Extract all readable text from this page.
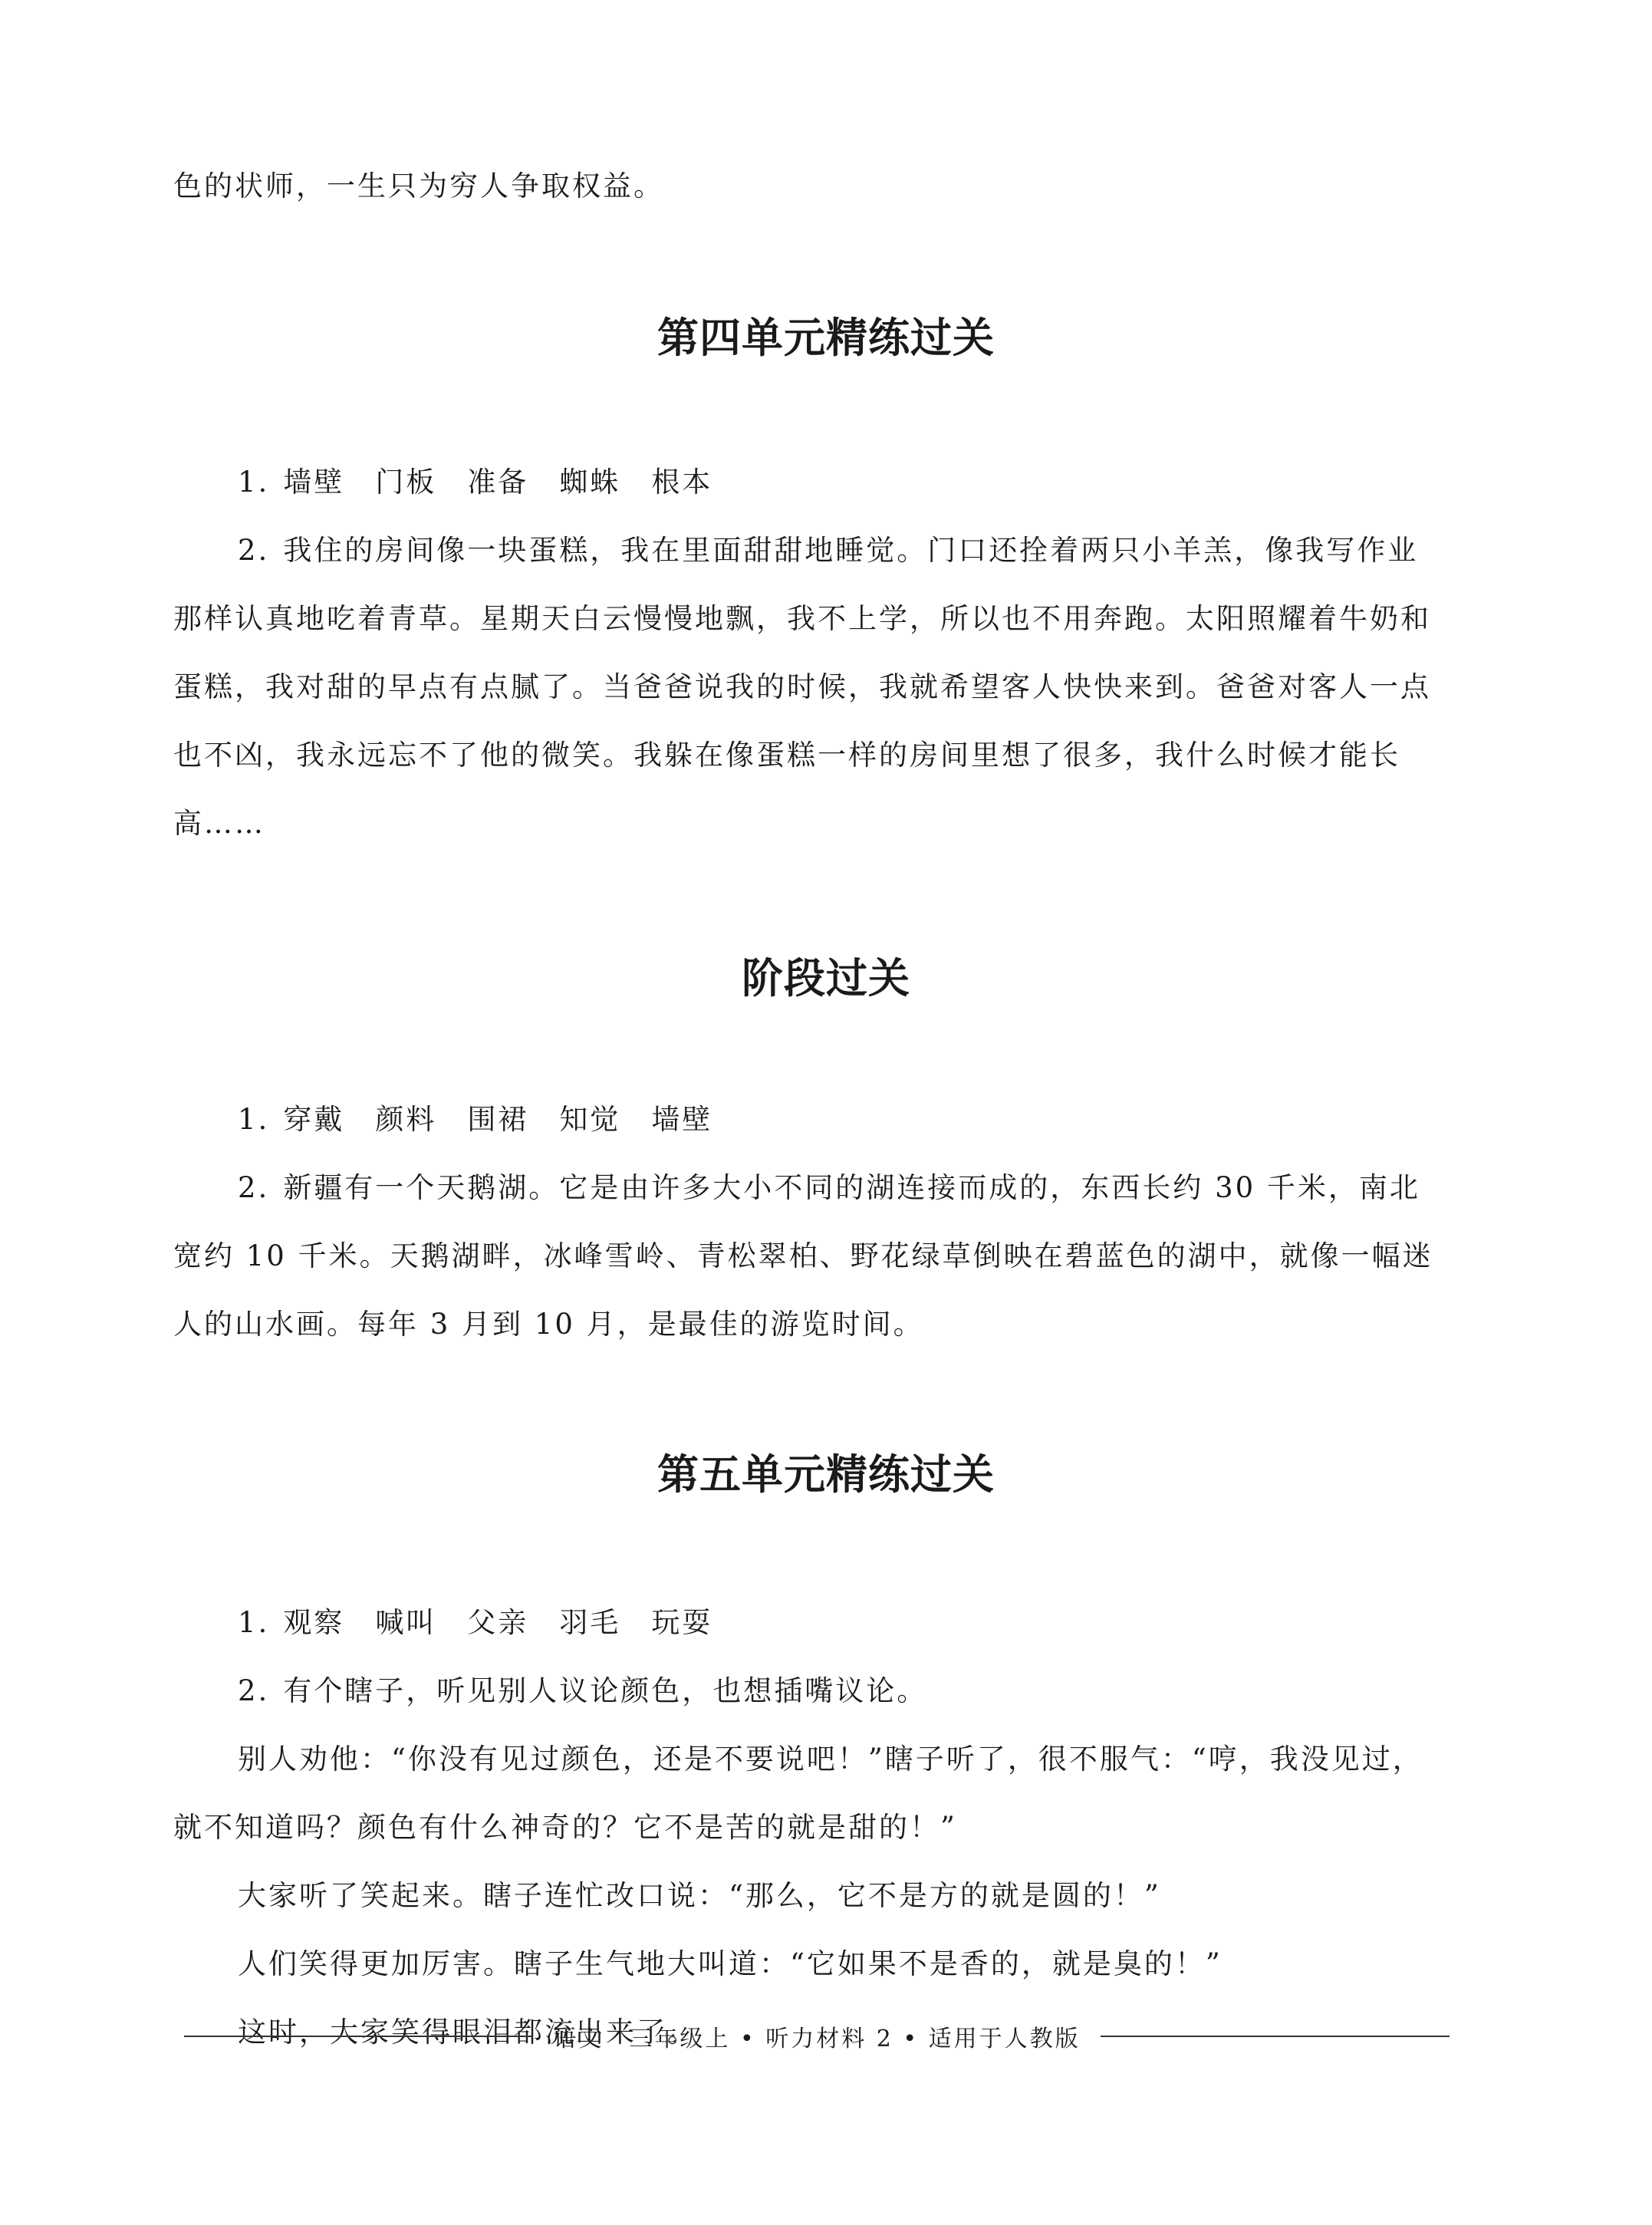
色的状师，一生只为穷人争取权益。

第四单元精练过关

1. 墙壁 门板 准备 蜘蛛 根本

2. 我住的房间像一块蛋糕，我在里面甜甜地睡觉。门口还拴着两只小羊羔，像我写作业那样认真地吃着青草。星期天白云慢慢地飘，我不上学，所以也不用奔跑。太阳照耀着牛奶和蛋糕，我对甜的早点有点腻了。当爸爸说我的时候，我就希望客人快快来到。爸爸对客人一点也不凶，我永远忘不了他的微笑。我躲在像蛋糕一样的房间里想了很多，我什么时候才能长高……

阶段过关

1. 穿戴 颜料 围裙 知觉 墙壁

2. 新疆有一个天鹅湖。它是由许多大小不同的湖连接而成的，东西长约 30 千米，南北宽约 10 千米。天鹅湖畔，冰峰雪岭、青松翠柏、野花绿草倒映在碧蓝色的湖中，就像一幅迷人的山水画。每年 3 月到 10 月，是最佳的游览时间。

第五单元精练过关

1. 观察 喊叫 父亲 羽毛 玩耍

2. 有个瞎子，听见别人议论颜色，也想插嘴议论。

别人劝他：“你没有见过颜色，还是不要说吧！”瞎子听了，很不服气：“哼，我没见过，就不知道吗？颜色有什么神奇的？它不是苦的就是甜的！”

大家听了笑起来。瞎子连忙改口说：“那么，它不是方的就是圆的！”

人们笑得更加厉害。瞎子生气地大叫道：“它如果不是香的，就是臭的！”

这时，大家笑得眼泪都流出来了。

语文　三年级上 • 听力材料 2 • 适用于人教版
